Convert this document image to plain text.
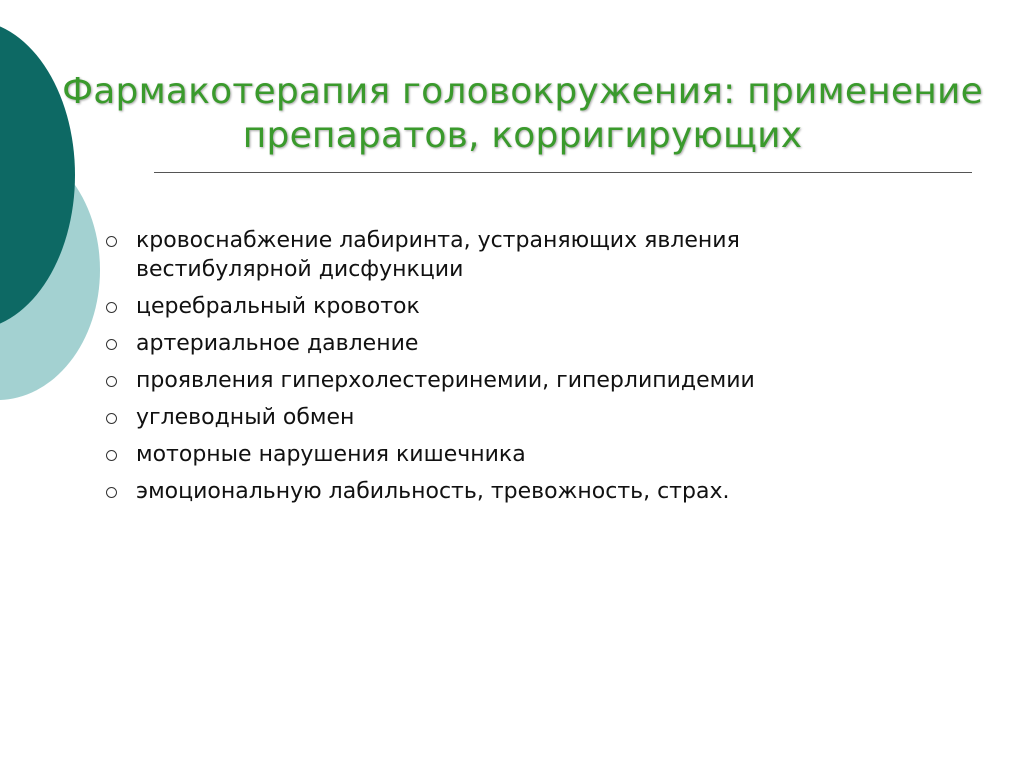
Фармакотерапия головокружения: применение
препаратов, корригирующих
кровоснабжение лабиринта, устраняющих явления вестибулярной дисфункции
церебральный кровоток
артериальное давление
проявления гиперхолестеринемии, гиперлипидемии
углеводный обмен
моторные нарушения кишечника
эмоциональную лабильность, тревожность, страх.
